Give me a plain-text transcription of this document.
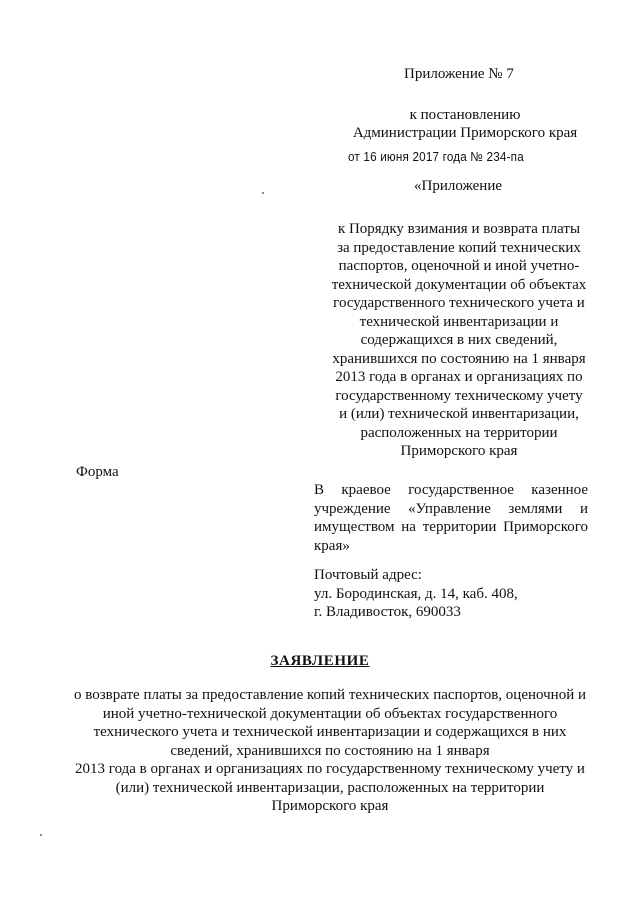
Приложение № 7
к постановлению
Администрации Приморского края
от 16 июня 2017 года № 234-па
«Приложение
к Порядку взимания и возврата платы
за предоставление копий технических
паспортов, оценочной и иной учетно-
технической документации об объектах
государственного технического учета и
технической инвентаризации и
содержащихся в них сведений,
хранившихся по состоянию на 1 января
2013 года в органах и организациях по
государственному техническому учету
и (или) технической инвентаризации,
расположенных на территории
Приморского края
Форма
В краевое государственное казенное
учреждение «Управление землями и
имуществом на территории Приморского
края»
Почтовый адрес:
ул. Бородинская, д. 14, каб. 408,
г. Владивосток, 690033
ЗАЯВЛЕНИЕ
о возврате платы за предоставление копий технических паспортов, оценочной и
иной учетно-технической документации об объектах государственного
технического учета и технической инвентаризации и содержащихся в них
сведений, хранившихся по состоянию на 1 января
2013 года в органах и организациях по государственному техническому учету и
(или) технической инвентаризации, расположенных на территории
Приморского края
